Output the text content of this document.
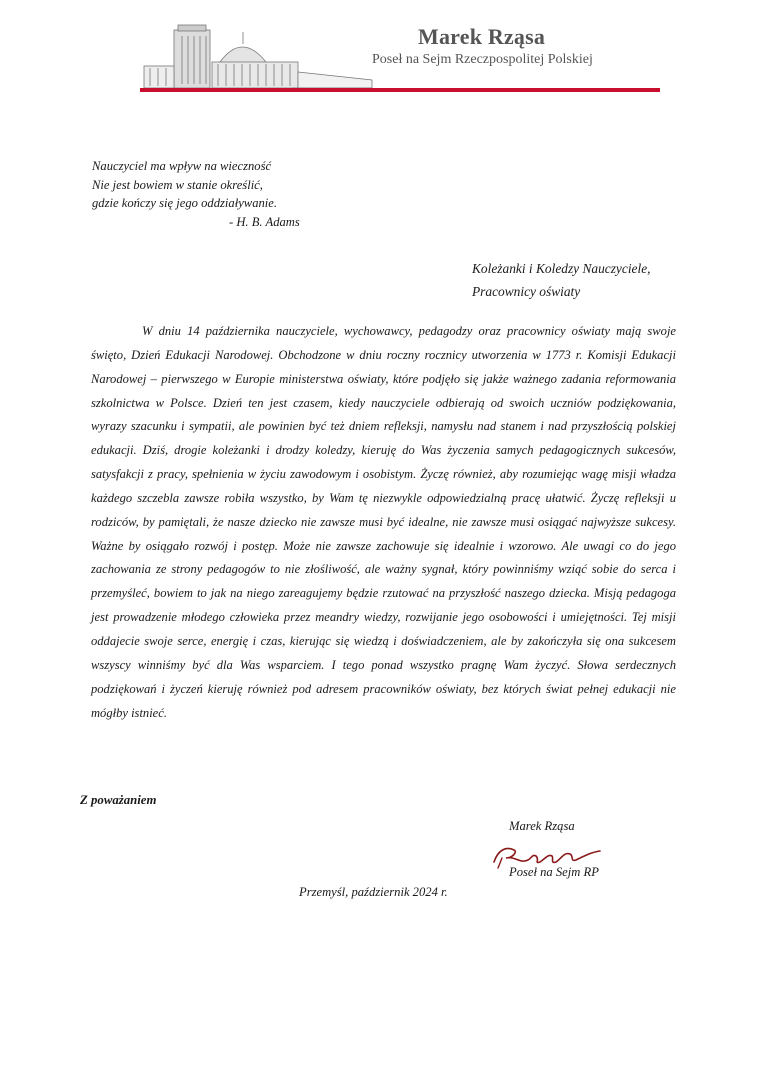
Marek Rząsa
Poseł na Sejm Rzeczpospolitej Polskiej
Nauczyciel ma wpływ na wieczność
Nie jest bowiem w stanie określić,
gdzie kończy się jego oddziaływanie.
- H. B. Adams
Koleżanki i Koledzy Nauczyciele,
Pracownicy oświaty
W dniu 14 października nauczyciele, wychowawcy, pedagodzy oraz pracownicy oświaty mają swoje święto, Dzień Edukacji Narodowej. Obchodzone w dniu roczny rocznicy utworzenia w 1773 r. Komisji Edukacji Narodowej – pierwszego w Europie ministerstwa oświaty, które podjęło się jakże ważnego zadania reformowania szkolnictwa w Polsce. Dzień ten jest czasem, kiedy nauczyciele odbierają od swoich uczniów podziękowania, wyrazy szacunku i sympatii, ale powinien być też dniem refleksji, namysłu nad stanem i nad przyszłością polskiej edukacji. Dziś, drogie koleżanki i drodzy koledzy, kieruję do Was życzenia samych pedagogicznych sukcesów, satysfakcji z pracy, spełnienia w życiu zawodowym i osobistym. Życzę również, aby rozumiejąc wagę misji władza każdego szczebla zawsze robiła wszystko, by Wam tę niezwykle odpowiedzialną pracę ułatwić. Życzę refleksji u rodziców, by pamiętali, że nasze dziecko nie zawsze musi być idealne, nie zawsze musi osiągać najwyższe sukcesy. Ważne by osiągało rozwój i postęp. Może nie zawsze zachowuje się idealnie i wzorowo. Ale uwagi co do jego zachowania ze strony pedagogów to nie złośliwość, ale ważny sygnał, który powinniśmy wziąć sobie do serca i przemyśleć, bowiem to jak na niego zareagujemy będzie rzutować na przyszłość naszego dziecka. Misją pedagoga jest prowadzenie młodego człowieka przez meandry wiedzy, rozwijanie jego osobowości i umiejętności. Tej misji oddajecie swoje serce, energię i czas, kierując się wiedzą i doświadczeniem, ale by zakończyła się ona sukcesem wszyscy winniśmy być dla Was wsparciem. I tego ponad wszystko pragnę Wam życzyć. Słowa serdecznych podziękowań i życzeń kieruję również pod adresem pracowników oświaty, bez których świat pełnej edukacji nie mógłby istnieć.
Z poważaniem
Marek Rząsa
Poseł na Sejm RP
Przemyśl, październik 2024 r.
